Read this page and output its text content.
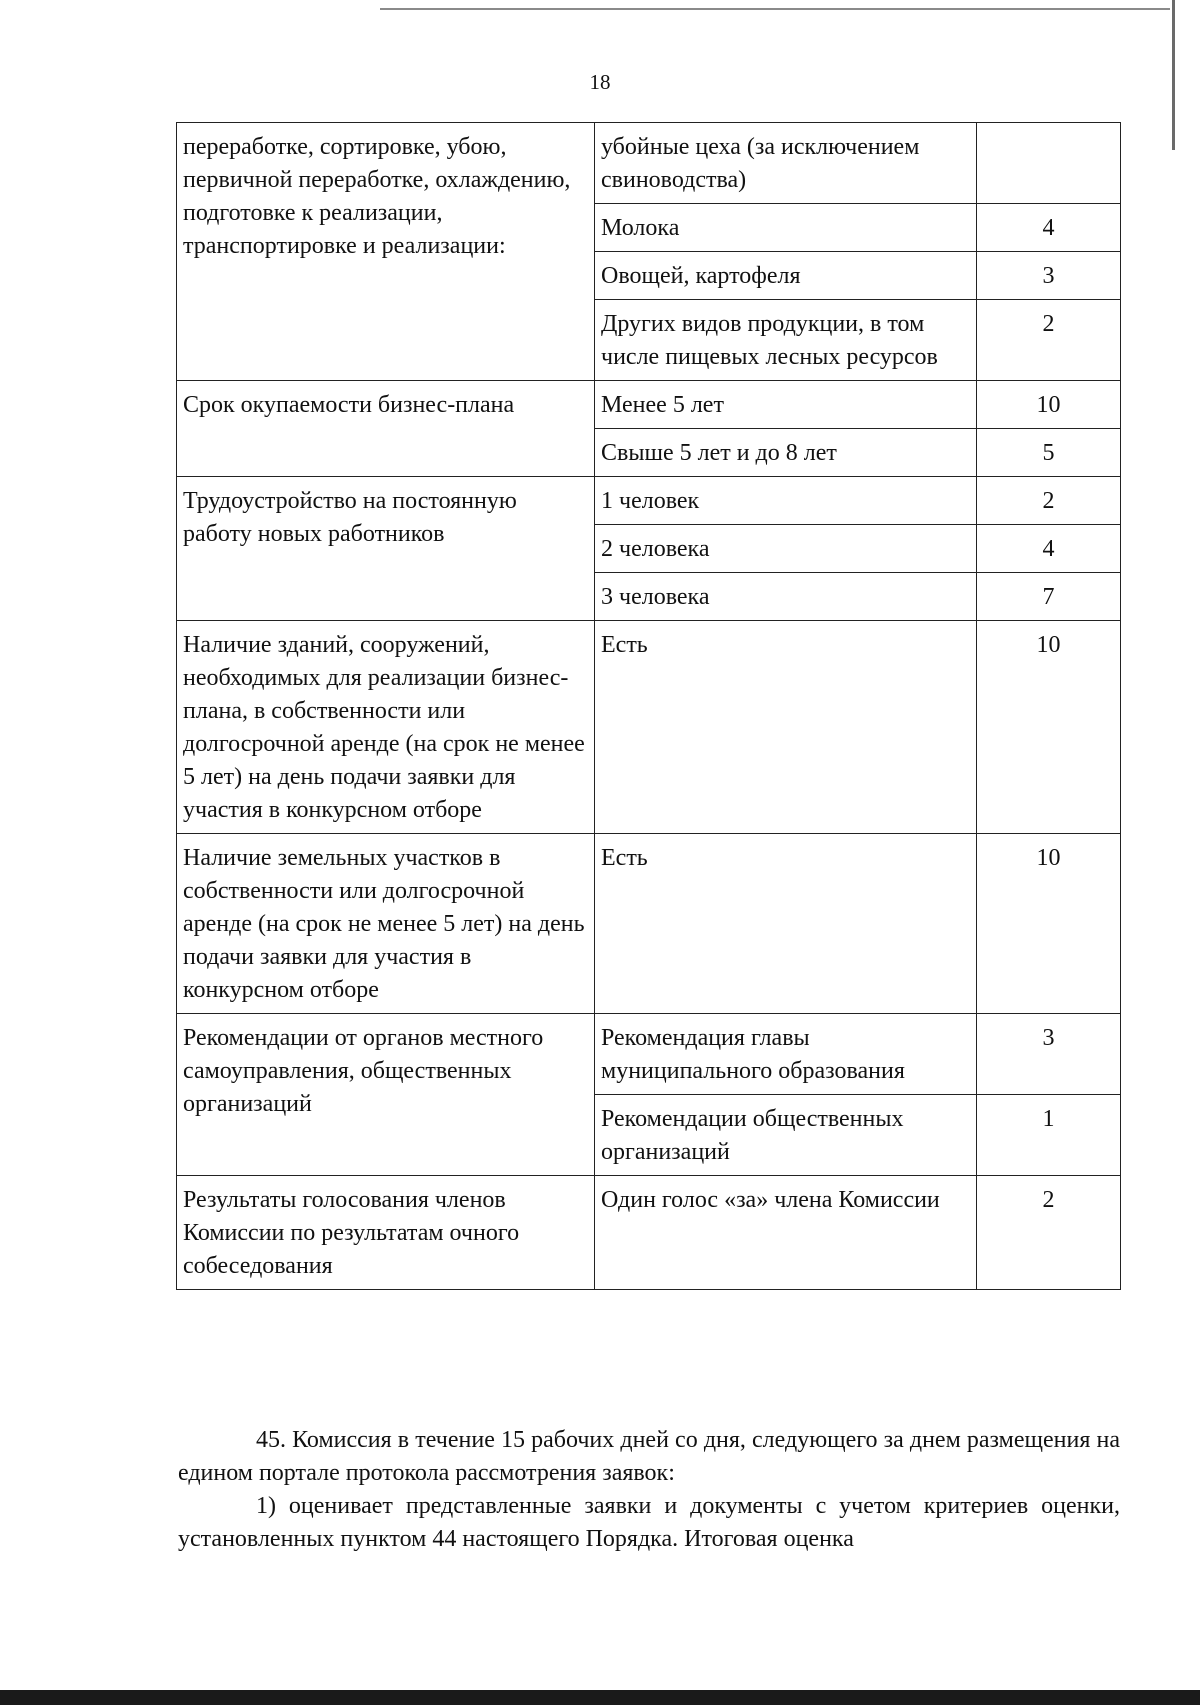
18
переработке, сортировке, убою, первичной переработке, охлаждению, подготовке к реализации, транспортировке и реализации:	убойные цеха (за исключением свиноводства)	
	Молока	4
	Овощей, картофеля	3
	Других видов продукции, в том числе пищевых лесных ресурсов	2
Срок окупаемости бизнес-плана	Менее 5 лет	10
	Свыше 5 лет и до 8 лет	5
Трудоустройство на постоянную работу новых работников	1 человек	2
	2 человека	4
	3 человека	7
Наличие зданий, сооружений, необходимых для реализации бизнес-плана, в собственности или долгосрочной аренде (на срок не менее 5 лет) на день подачи заявки для участия в конкурсном отборе	Есть	10
Наличие земельных участков в собственности или долгосрочной аренде (на срок не менее 5 лет) на день подачи заявки для участия в конкурсном отборе	Есть	10
Рекомендации от органов местного самоуправления, общественных организаций	Рекомендация главы муниципального образования	3
	Рекомендации общественных организаций	1
Результаты голосования членов Комиссии по результатам очного собеседования	Один голос «за» члена Комиссии	2

45. Комиссия в течение 15 рабочих дней со дня, следующего за днем размещения на едином портале протокола рассмотрения заявок:

1) оценивает представленные заявки и документы с учетом критериев оценки, установленных пунктом 44 настоящего Порядка. Итоговая оценка
